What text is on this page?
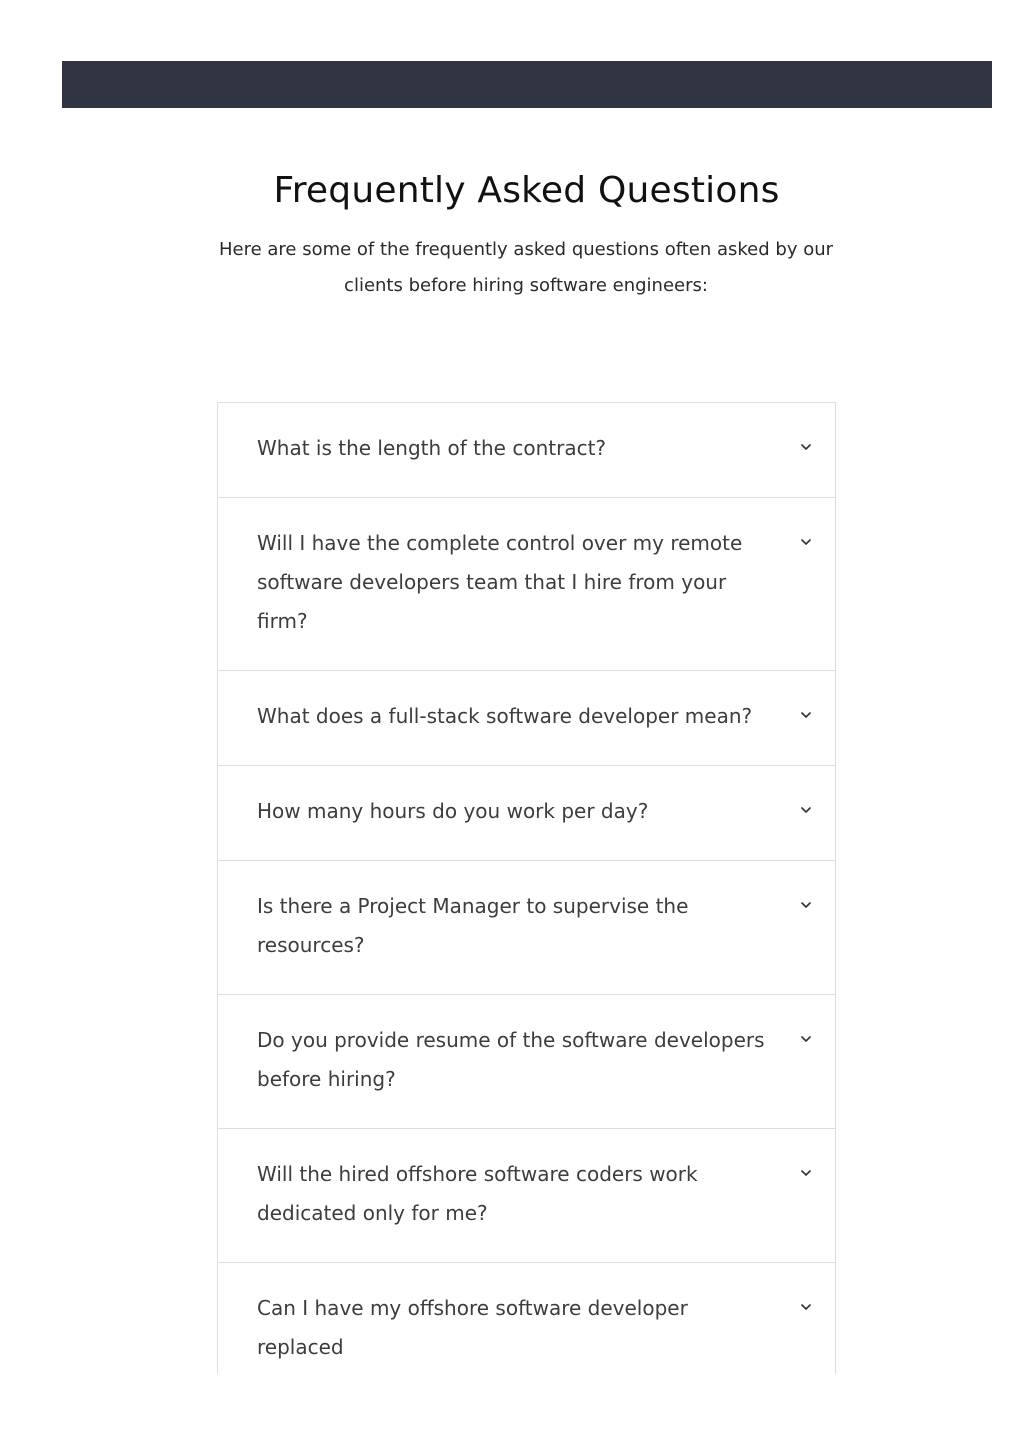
Frequently Asked Questions

Here are some of the frequently asked questions often asked by our clients before hiring software engineers:

What is the length of the contract?
Will I have the complete control over my remote software developers team that I hire from your firm?
What does a full-stack software developer mean?
How many hours do you work per day?
Is there a Project Manager to supervise the resources?
Do you provide resume of the software developers before hiring?
Will the hired offshore software coders work dedicated only for me?
Can I have my offshore software developer replaced
